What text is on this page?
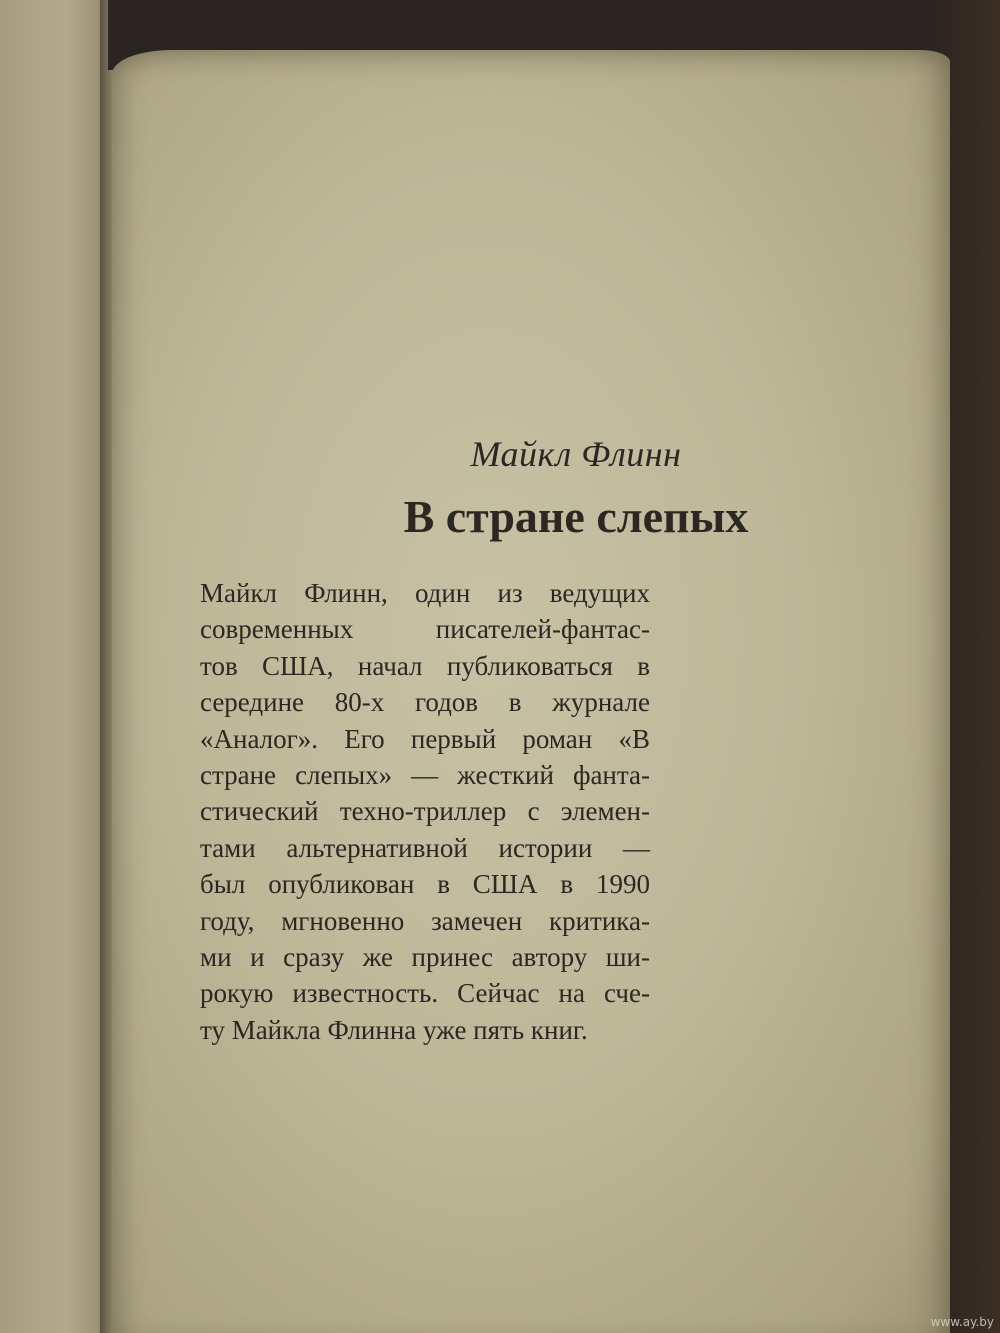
Майкл Флинн

В стране слепых

Майкл Флинн, один из ведущих
современных писателей-фантас-
тов США, начал публиковаться в
середине 80-х годов в журнале
«Аналог». Его первый роман «В
стране слепых» — жесткий фанта-
стический техно-триллер с элемен-
тами альтернативной истории —
был опубликован в США в 1990
году, мгновенно замечен критика-
ми и сразу же принес автору ши-
рокую известность. Сейчас на сче-
ту Майкла Флинна уже пять книг.

www.ay.by
